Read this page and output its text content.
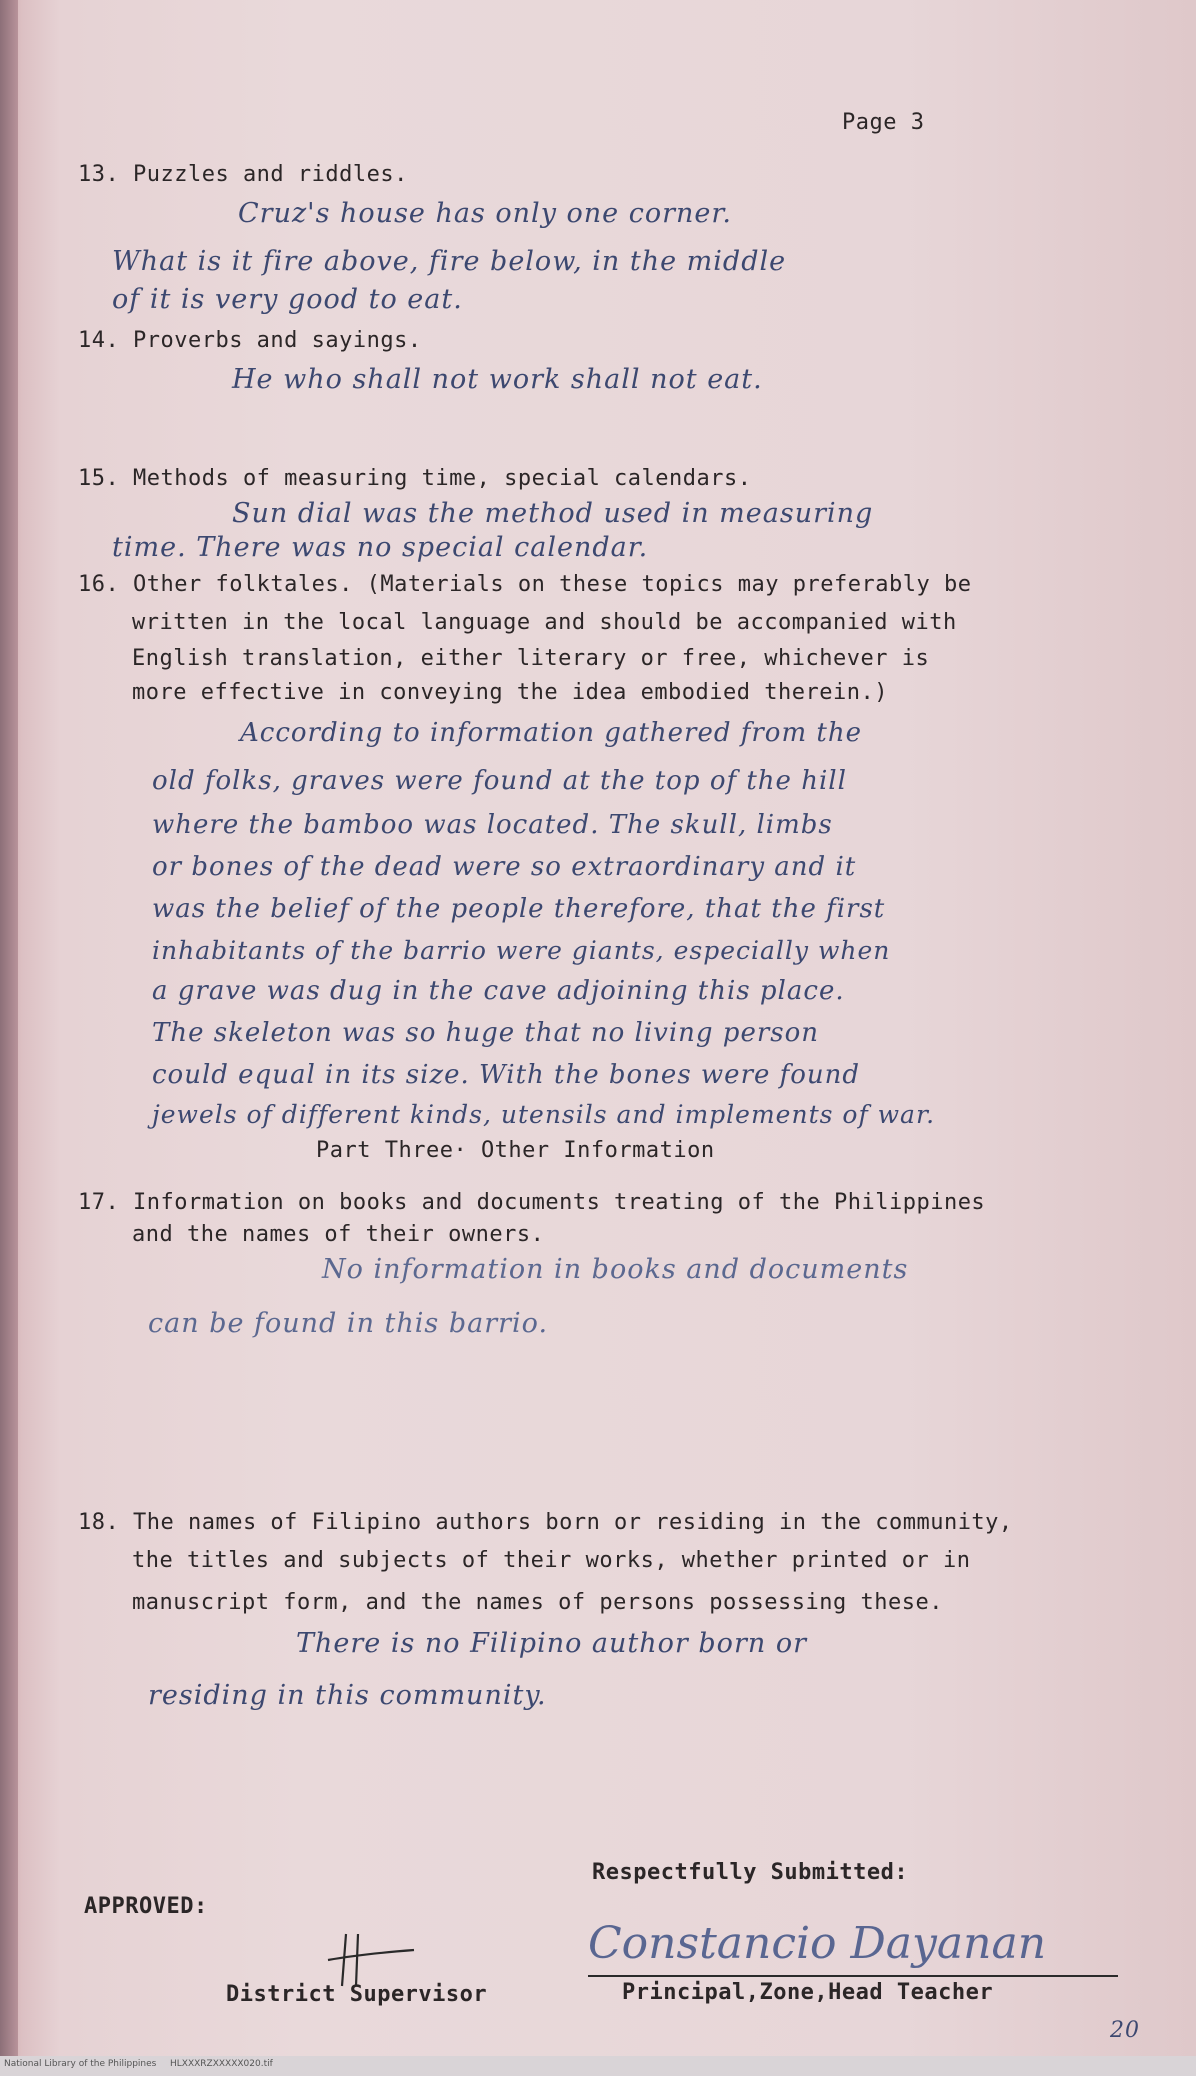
Page 3
13. Puzzles and riddles.
Cruz's house has only one corner.
What is it fire above, fire below, in the middle
of it is very good to eat.
14. Proverbs and sayings.
He who shall not work shall not eat.
15. Methods of measuring time, special calendars.
Sun dial was the method used in measuring
time. There was no special calendar.
16. Other folktales. (Materials on these topics may preferably be
written in the local language and should be accompanied with
English translation, either literary or free, whichever is
more effective in conveying the idea embodied therein.)
According to information gathered from the
old folks, graves were found at the top of the hill
where the bamboo was located. The skull, limbs
or bones of the dead were so extraordinary and it
was the belief of the people therefore, that the first
inhabitants of the barrio were giants, especially when
a grave was dug in the cave adjoining this place.
The skeleton was so huge that no living person
could equal in its size. With the bones were found
jewels of different kinds, utensils and implements of war.
Part Three· Other Information
17. Information on books and documents treating of the Philippines
and the names of their owners.
No information in books and documents
can be found in this barrio.
18. The names of Filipino authors born or residing in the community,
the titles and subjects of their works, whether printed or in
manuscript form, and the names of persons possessing these.
There is no Filipino author born or
residing in this community.
Respectfully Submitted:
APPROVED:
District Supervisor
Constancio Dayanan
Principal,Zone,Head Teacher
20
National Library of the Philippines HLXXXRZXXXXX020.tif
